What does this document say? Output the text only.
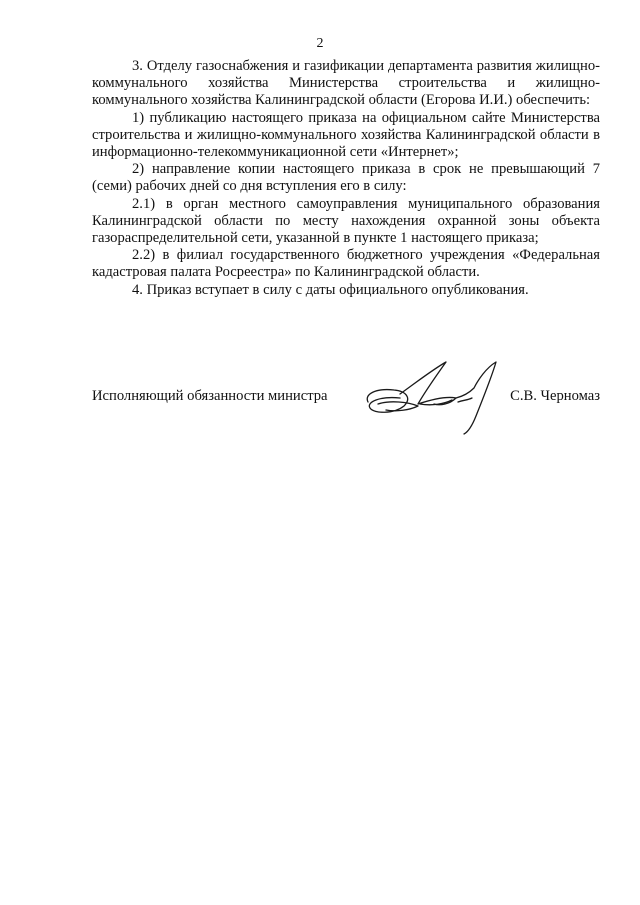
2

3. Отделу газоснабжения и газификации департамента развития жилищно-коммунального хозяйства Министерства строительства и жилищно-коммунального хозяйства Калининградской области (Егорова И.И.) обеспечить:

1) публикацию настоящего приказа на официальном сайте Министерства строительства и жилищно-коммунального хозяйства Калининградской области в информационно-телекоммуникационной сети «Интернет»;

2) направление копии настоящего приказа в срок не превышающий 7 (семи) рабочих дней со дня вступления его в силу:

2.1) в орган местного самоуправления муниципального образования Калининградской области по месту нахождения охранной зоны объекта газораспределительной сети, указанной в пункте 1 настоящего приказа;

2.2) в филиал государственного бюджетного учреждения «Федеральная кадастровая палата Росреестра» по Калининградской области.

4. Приказ вступает в силу с даты официального опубликования.

Исполняющий обязанности министра	С.В. Черномаз
